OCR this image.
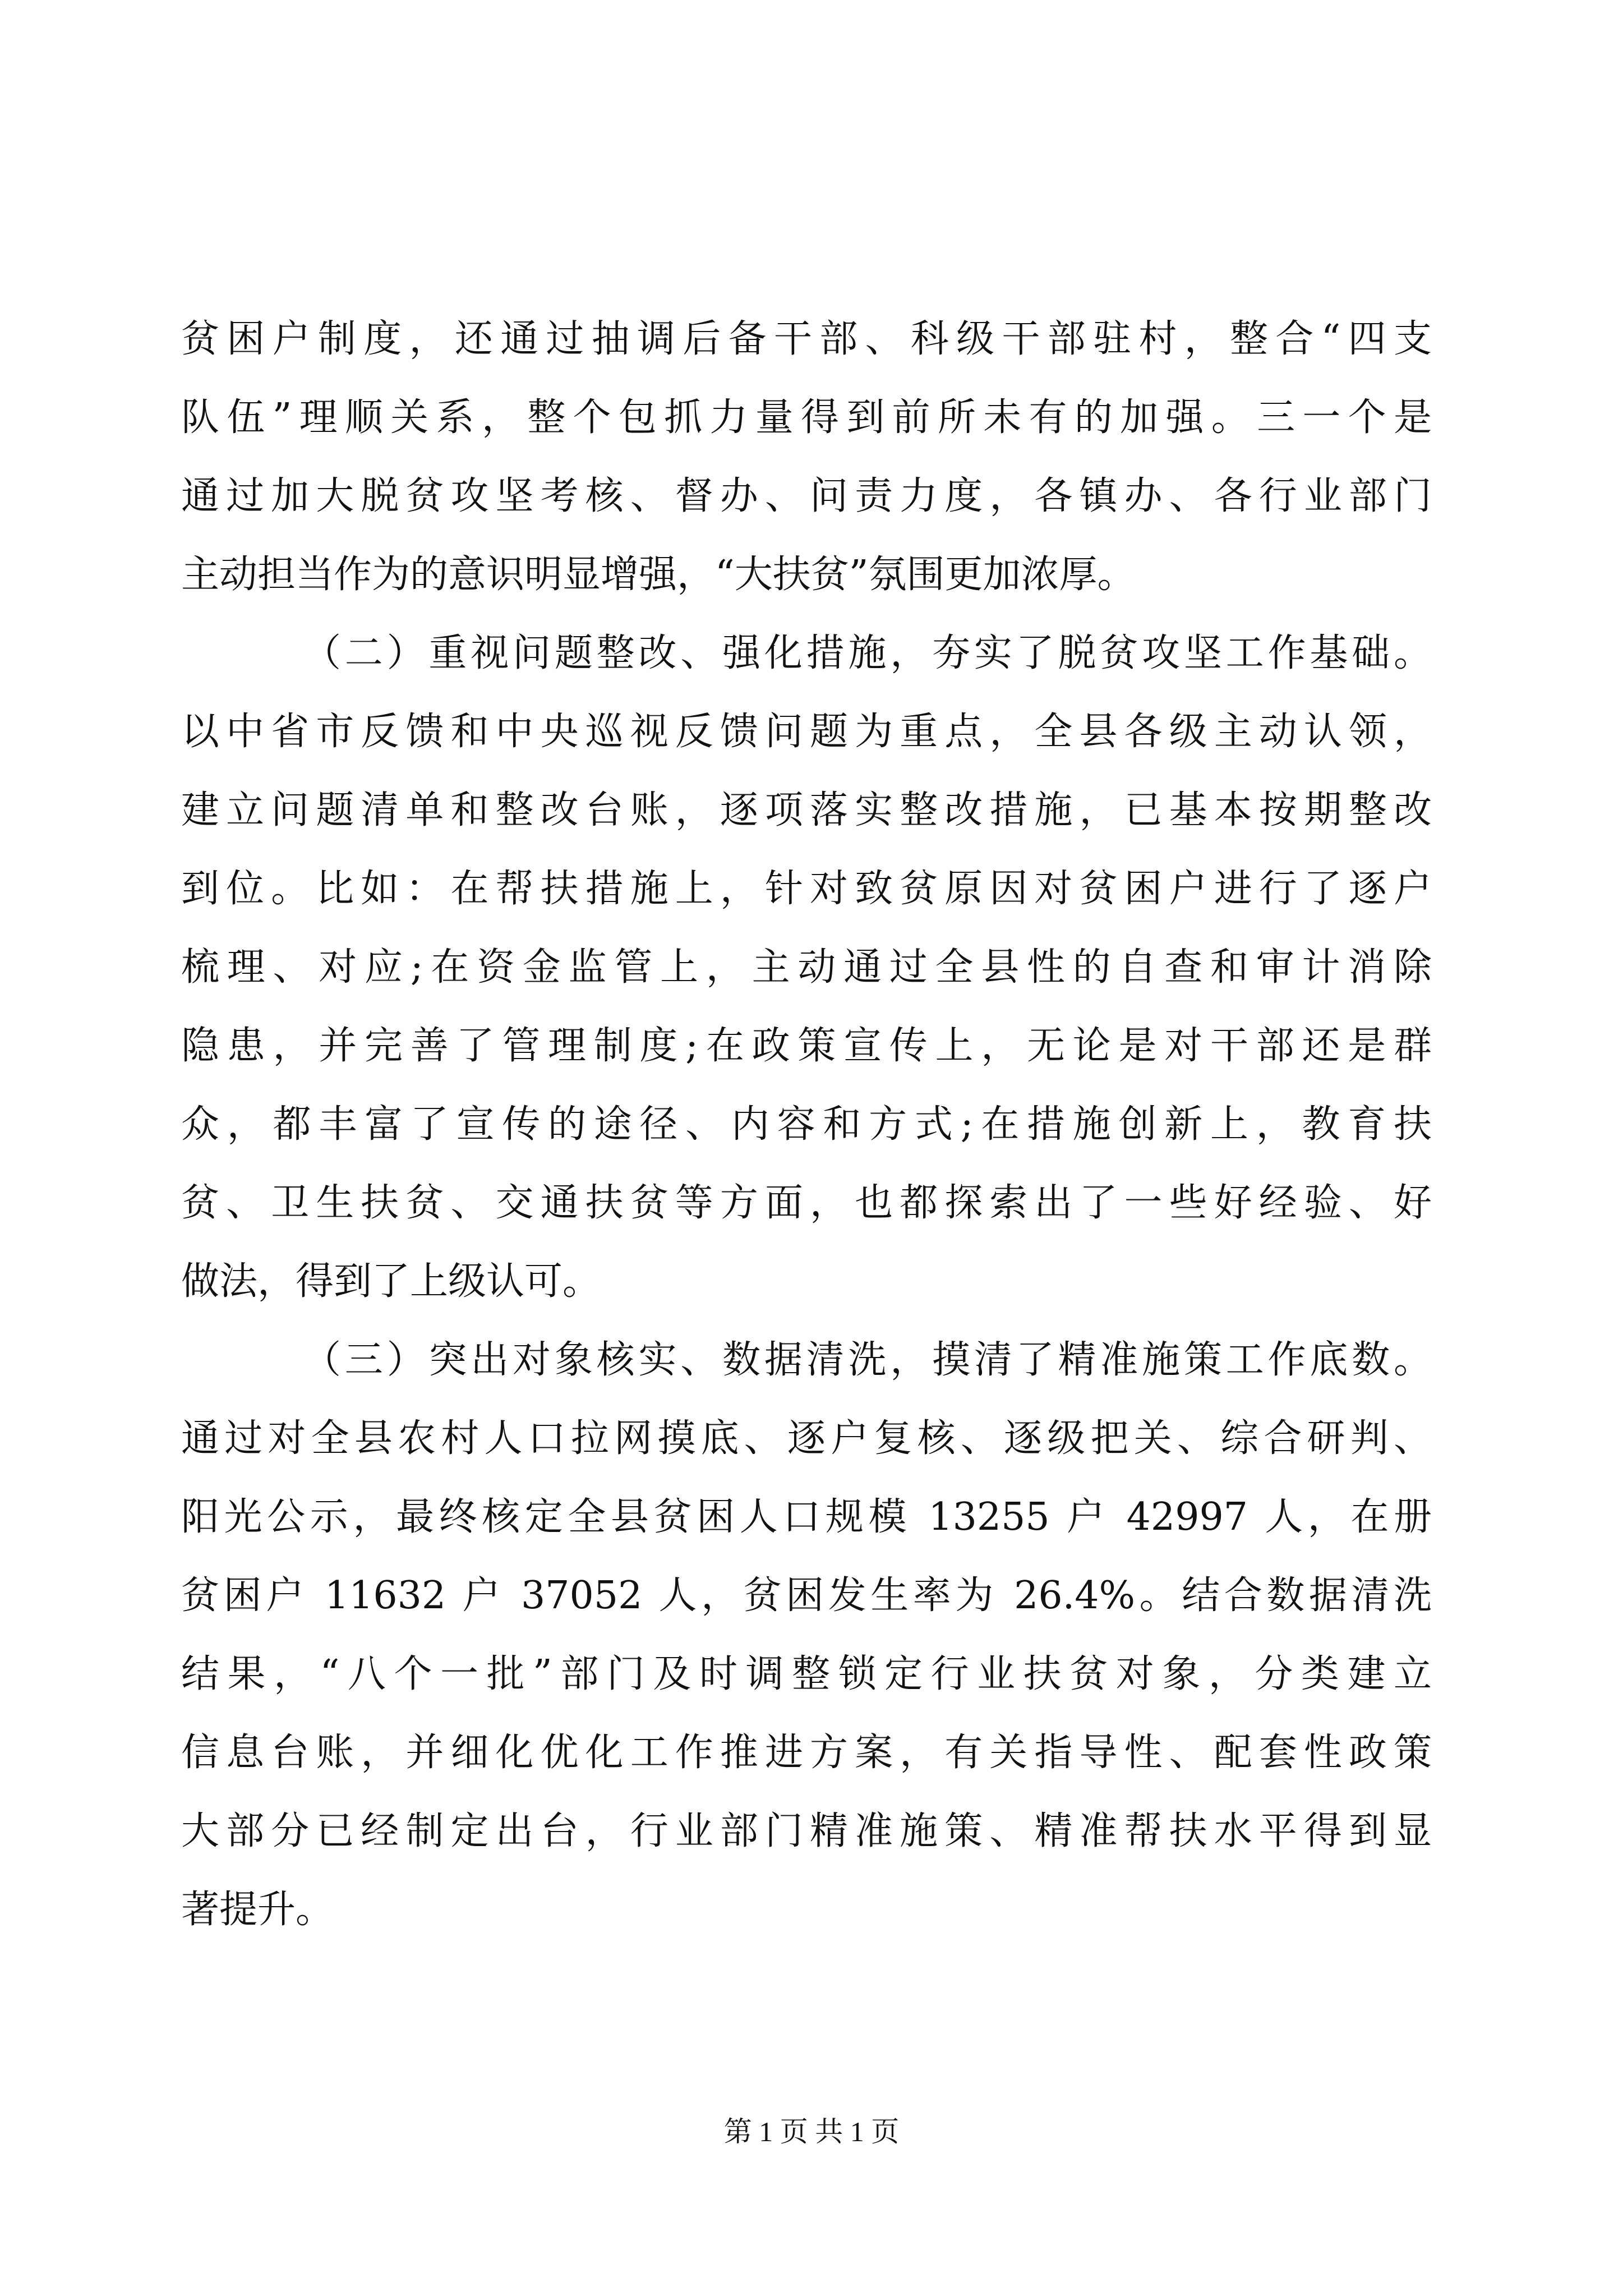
贫困户制度，还通过抽调后备干部、科级干部驻村，整合“四支
队伍”理顺关系，整个包抓力量得到前所未有的加强。三一个是
通过加大脱贫攻坚考核、督办、问责力度，各镇办、各行业部门
主动担当作为的意识明显增强，“大扶贫”氛围更加浓厚。
（二）重视问题整改、强化措施，夯实了脱贫攻坚工作基础。
以中省市反馈和中央巡视反馈问题为重点，全县各级主动认领，
建立问题清单和整改台账，逐项落实整改措施，已基本按期整改
到位。比如：在帮扶措施上，针对致贫原因对贫困户进行了逐户
梳理、对应;在资金监管上，主动通过全县性的自查和审计消除
隐患，并完善了管理制度;在政策宣传上，无论是对干部还是群
众，都丰富了宣传的途径、内容和方式;在措施创新上，教育扶
贫、卫生扶贫、交通扶贫等方面，也都探索出了一些好经验、好
做法，得到了上级认可。
（三）突出对象核实、数据清洗，摸清了精准施策工作底数。
通过对全县农村人口拉网摸底、逐户复核、逐级把关、综合研判、
阳光公示，最终核定全县贫困人口规模 13255 户 42997 人，在册
贫困户 11632 户 37052 人，贫困发生率为 26.4%。结合数据清洗
结果，“八个一批”部门及时调整锁定行业扶贫对象，分类建立
信息台账，并细化优化工作推进方案，有关指导性、配套性政策
大部分已经制定出台，行业部门精准施策、精准帮扶水平得到显
著提升。
第 1 页 共 1 页
